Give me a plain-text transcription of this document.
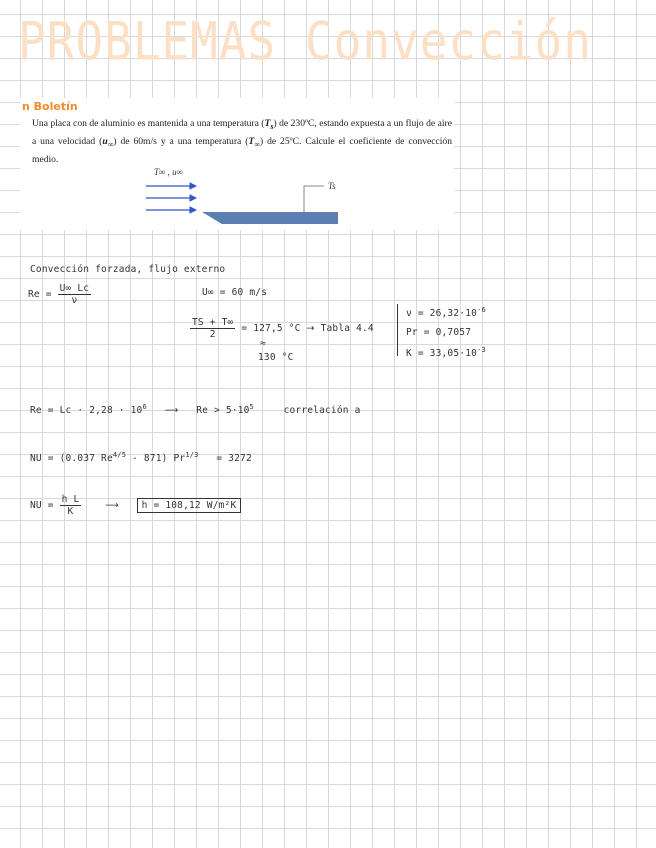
PROBLEMAS Convección
n Boletín
Una placa con de aluminio es mantenida a una temperatura $(T_s)$ de 230ºC, estando expuesta a un flujo de aire a una velocidad $(u_\infty)$ de 60m/s y a una temperatura $(T_\infty)$ de 25ºC. Calcule el coeficiente de convección medio.
T∞ , u∞
Ts
Convección forzada, flujo externo
$Re = \frac{U\infty Lc}{\nu}$	U∞ = 60 m/s
$\frac{TS + T\infty}{2} = 127,5$ °C → Tabla 4.4
≈
130 °C
$\nu = 26,32\cdot 10^{-6}$
Pr = 0,7057
$K = 33,05\cdot 10^{-3}$
$Re = Lc \cdot 2,28 \cdot 10^6$ ⟶ $Re > 5\cdot 10^5$	correlación a
NU = (0.037 $Re^{4/5} - 871$) $Pr^{1/3} = 3272$
NU = $\frac{\text{h L}}{K}$ ⟶ h = 108,12 W/m²K
